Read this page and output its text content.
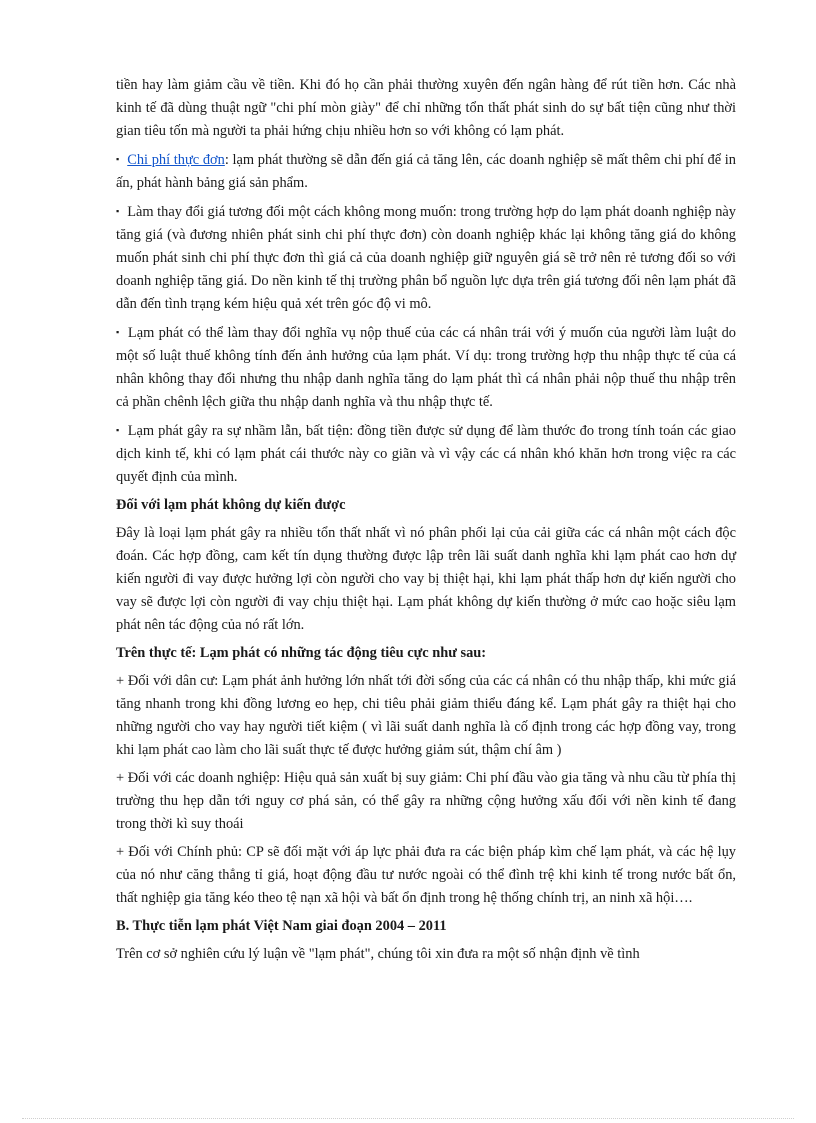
tiền hay làm giảm cầu về tiền. Khi đó họ cần phải thường xuyên đến ngân hàng để rút tiền hơn. Các nhà kinh tế đã dùng thuật ngữ "chi phí mòn giày" để chỉ những tổn thất phát sinh do sự bất tiện cũng như thời gian tiêu tốn mà người ta phải hứng chịu nhiều hơn so với không có lạm phát.

▪ Chi phí thực đơn: lạm phát thường sẽ dẫn đến giá cả tăng lên, các doanh nghiệp sẽ mất thêm chi phí để in ấn, phát hành bảng giá sản phẩm.

▪ Làm thay đổi giá tương đối một cách không mong muốn: trong trường hợp do lạm phát doanh nghiệp này tăng giá (và đương nhiên phát sinh chi phí thực đơn) còn doanh nghiệp khác lại không tăng giá do không muốn phát sinh chi phí thực đơn thì giá cả của doanh nghiệp giữ nguyên giá sẽ trở nên rẻ tương đối so với doanh nghiệp tăng giá. Do nền kinh tế thị trường phân bổ nguồn lực dựa trên giá tương đối nên lạm phát đã dẫn đến tình trạng kém hiệu quả xét trên góc độ vi mô.

▪ Lạm phát có thể làm thay đổi nghĩa vụ nộp thuế của các cá nhân trái với ý muốn của người làm luật do một số luật thuế không tính đến ảnh hưởng của lạm phát. Ví dụ: trong trường hợp thu nhập thực tế của cá nhân không thay đổi nhưng thu nhập danh nghĩa tăng do lạm phát thì cá nhân phải nộp thuế thu nhập trên cả phần chênh lệch giữa thu nhập danh nghĩa và thu nhập thực tế.

▪ Lạm phát gây ra sự nhầm lẫn, bất tiện: đồng tiền được sử dụng để làm thước đo trong tính toán các giao dịch kinh tế, khi có lạm phát cái thước này co giãn và vì vậy các cá nhân khó khăn hơn trong việc ra các quyết định của mình.

Đối với lạm phát không dự kiến được

Đây là loại lạm phát gây ra nhiều tổn thất nhất vì nó phân phối lại của cải giữa các cá nhân một cách độc đoán. Các hợp đồng, cam kết tín dụng thường được lập trên lãi suất danh nghĩa khi lạm phát cao hơn dự kiến người đi vay được hưởng lợi còn người cho vay bị thiệt hại, khi lạm phát thấp hơn dự kiến người cho vay sẽ được lợi còn người đi vay chịu thiệt hại. Lạm phát không dự kiến thường ở mức cao hoặc siêu lạm phát nên tác động của nó rất lớn.

Trên thực tế: Lạm phát có những tác động tiêu cực như sau:

+ Đối với dân cư: Lạm phát ảnh hưởng lớn nhất tới đời sống của các cá nhân có thu nhập thấp, khi mức giá tăng nhanh trong khi đồng lương eo hẹp, chi tiêu phải giảm thiểu đáng kể. Lạm phát gây ra thiệt hại cho những người cho vay hay người tiết kiệm ( vì lãi suất danh nghĩa là cố định trong các hợp đồng vay, trong khi lạm phát cao làm cho lãi suất thực tế được hưởng giảm sút, thậm chí âm )

+ Đối với các doanh nghiệp: Hiệu quả sản xuất bị suy giảm: Chi phí đầu vào gia tăng và nhu cầu từ phía thị trường thu hẹp dẫn tới nguy cơ phá sản, có thể gây ra những cộng hưởng xấu đối với nền kinh tế đang trong thời kì suy thoái

+ Đối với Chính phủ: CP sẽ đối mặt với áp lực phải đưa ra các biện pháp kìm chế lạm phát, và các hệ lụy của nó như căng thẳng tỉ giá, hoạt động đầu tư nước ngoài có thể đình trệ khi kinh tế trong nước bất ổn, thất nghiệp gia tăng kéo theo tệ nạn xã hội và bất ổn định trong hệ thống chính trị, an ninh xã hội….

B. Thực tiễn lạm phát Việt Nam giai đoạn 2004 – 2011

Trên cơ sở nghiên cứu lý luận về "lạm phát", chúng tôi xin đưa ra một số nhận định về tình
